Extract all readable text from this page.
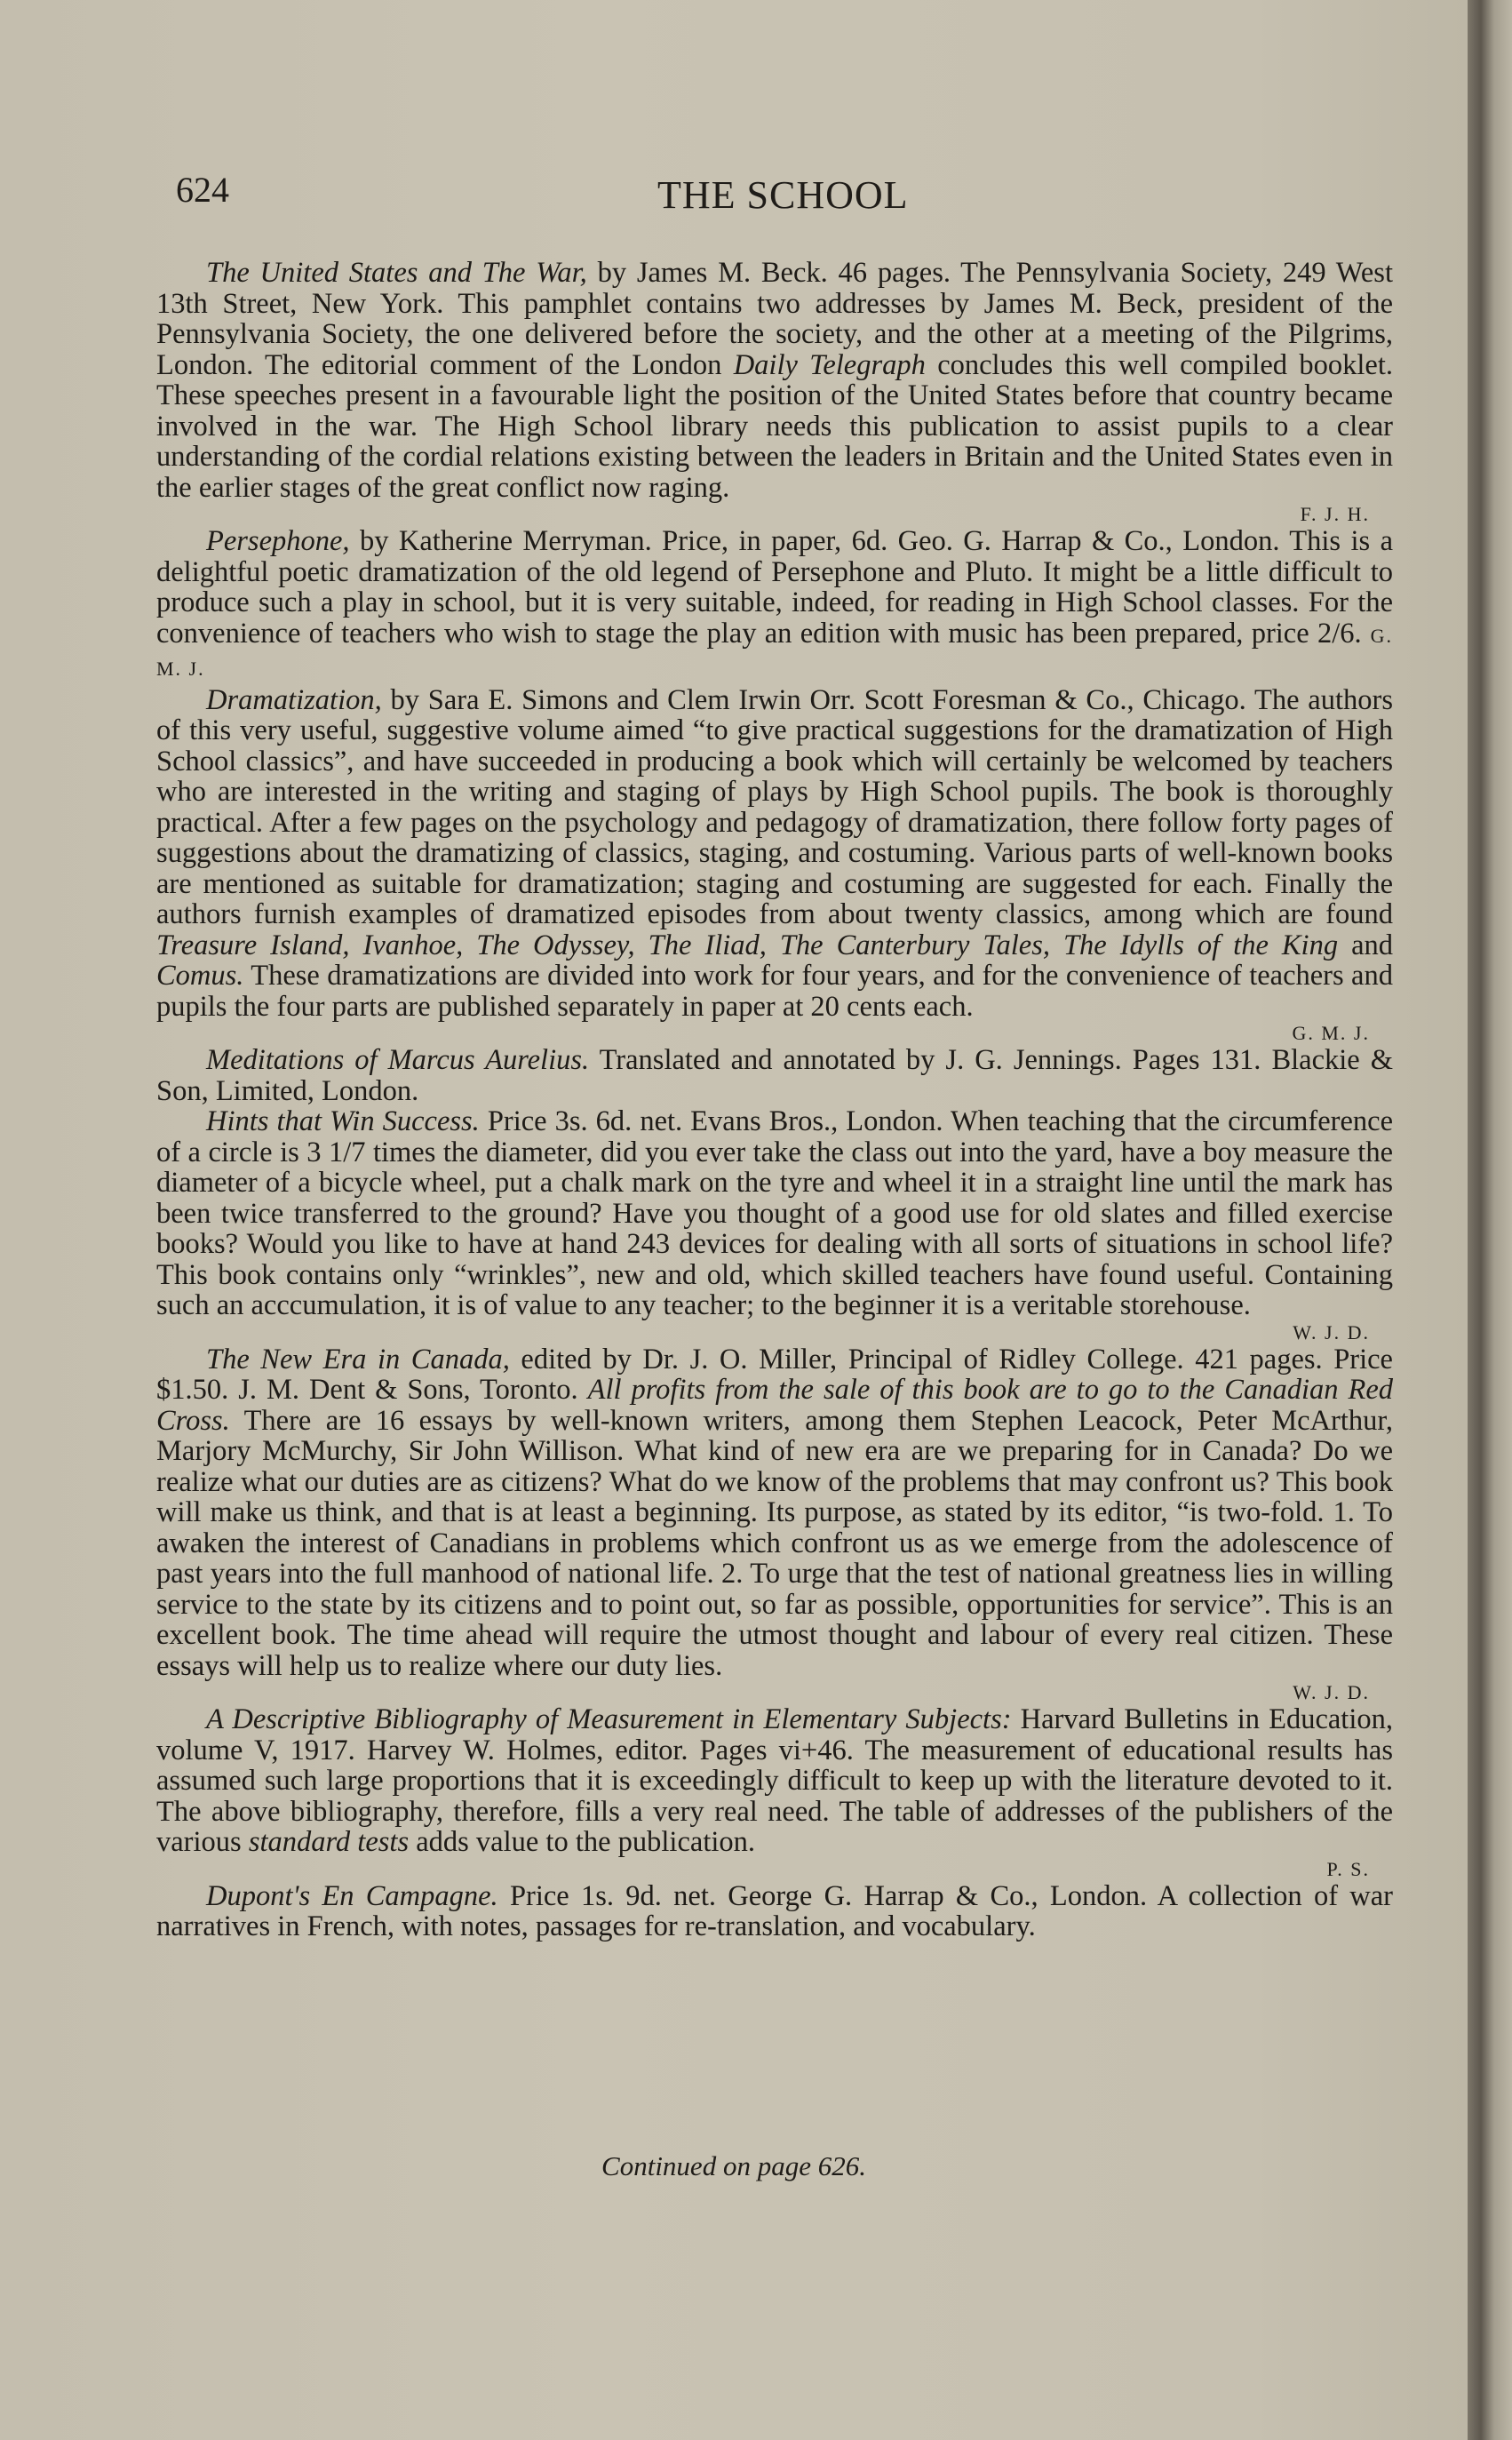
624	THE SCHOOL

The United States and The War, by James M. Beck. 46 pages. The Pennsylvania Society, 249 West 13th Street, New York. This pamphlet contains two addresses by James M. Beck, president of the Pennsylvania Society, the one delivered before the society, and the other at a meeting of the Pilgrims, London. The editorial comment of the London Daily Telegraph concludes this well compiled booklet. These speeches present in a favourable light the position of the United States before that country became involved in the war. The High School library needs this publication to assist pupils to a clear understanding of the cordial relations existing between the leaders in Britain and the United States even in the earlier stages of the great conflict now raging.

F. J. H.

Persephone, by Katherine Merryman. Price, in paper, 6d. Geo. G. Harrap & Co., London. This is a delightful poetic dramatization of the old legend of Persephone and Pluto. It might be a little difficult to produce such a play in school, but it is very suitable, indeed, for reading in High School classes. For the convenience of teachers who wish to stage the play an edition with music has been prepared, price 2/6. G. M. J.

Dramatization, by Sara E. Simons and Clem Irwin Orr. Scott Foresman & Co., Chicago. The authors of this very useful, suggestive volume aimed “to give practical suggestions for the dramatization of High School classics”, and have succeeded in producing a book which will certainly be welcomed by teachers who are interested in the writing and staging of plays by High School pupils. The book is thoroughly practical. After a few pages on the psychology and pedagogy of dramatization, there follow forty pages of suggestions about the dramatizing of classics, staging, and costuming. Various parts of well-known books are mentioned as suitable for dramatization; staging and costuming are suggested for each. Finally the authors furnish examples of dramatized episodes from about twenty classics, among which are found Treasure Island, Ivanhoe, The Odyssey, The Iliad, The Canterbury Tales, The Idylls of the King and Comus. These dramatizations are divided into work for four years, and for the convenience of teachers and pupils the four parts are published separately in paper at 20 cents each.

G. M. J.

Meditations of Marcus Aurelius. Translated and annotated by J. G. Jennings. Pages 131. Blackie & Son, Limited, London.

Hints that Win Success. Price 3s. 6d. net. Evans Bros., London. When teaching that the circumference of a circle is 3 1/7 times the diameter, did you ever take the class out into the yard, have a boy measure the diameter of a bicycle wheel, put a chalk mark on the tyre and wheel it in a straight line until the mark has been twice transferred to the ground? Have you thought of a good use for old slates and filled exercise books? Would you like to have at hand 243 devices for dealing with all sorts of situations in school life? This book contains only “wrinkles”, new and old, which skilled teachers have found useful. Containing such an acccumulation, it is of value to any teacher; to the beginner it is a veritable storehouse.

W. J. D.

The New Era in Canada, edited by Dr. J. O. Miller, Principal of Ridley College. 421 pages. Price $1.50. J. M. Dent & Sons, Toronto. All profits from the sale of this book are to go to the Canadian Red Cross. There are 16 essays by well-known writers, among them Stephen Leacock, Peter McArthur, Marjory McMurchy, Sir John Willison. What kind of new era are we preparing for in Canada? Do we realize what our duties are as citizens? What do we know of the problems that may confront us? This book will make us think, and that is at least a beginning. Its purpose, as stated by its editor, “is two-fold. 1. To awaken the interest of Canadians in problems which confront us as we emerge from the adolescence of past years into the full manhood of national life. 2. To urge that the test of national greatness lies in willing service to the state by its citizens and to point out, so far as possible, opportunities for service”. This is an excellent book. The time ahead will require the utmost thought and labour of every real citizen. These essays will help us to realize where our duty lies.

W. J. D.

A Descriptive Bibliography of Measurement in Elementary Subjects: Harvard Bulletins in Education, volume V, 1917. Harvey W. Holmes, editor. Pages vi+46. The measurement of educational results has assumed such large proportions that it is exceedingly difficult to keep up with the literature devoted to it. The above bibliography, therefore, fills a very real need. The table of addresses of the publishers of the various standard tests adds value to the publication.

P. S.

Dupont's En Campagne. Price 1s. 9d. net. George G. Harrap & Co., London. A collection of war narratives in French, with notes, passages for re-translation, and vocabulary.

Continued on page 626.
